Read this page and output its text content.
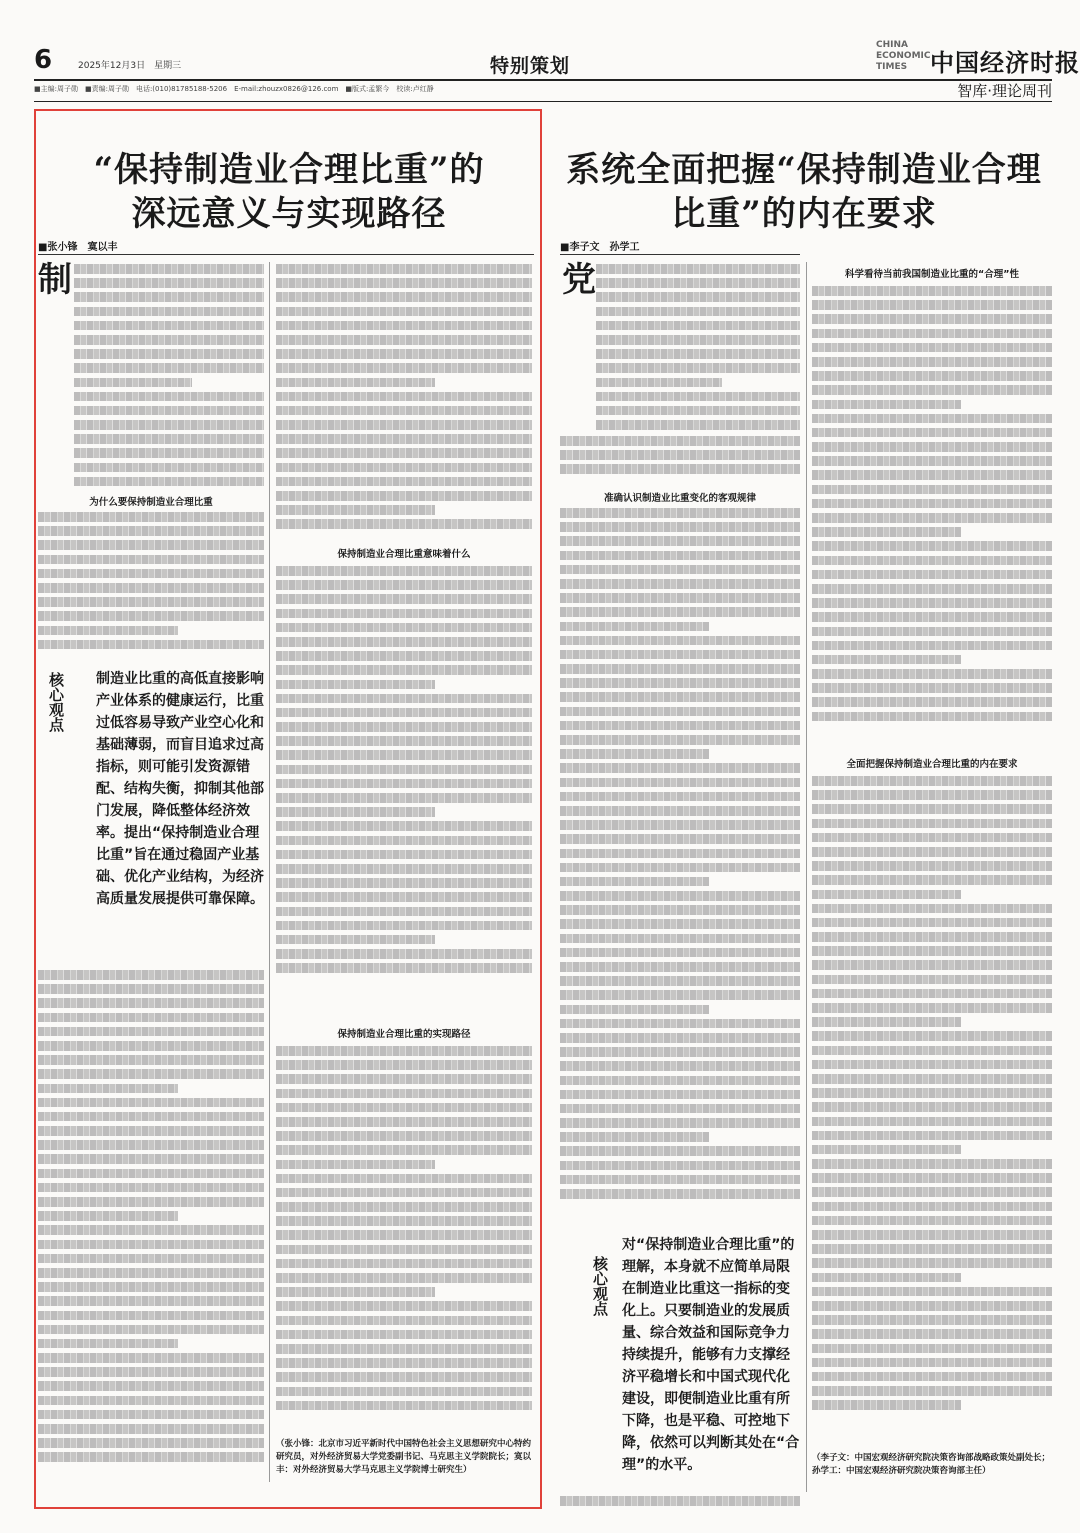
6	2025年12月3日　星期三	特别策划
CHINA ECONOMIC TIMES 中国经济时报
■主编:周子勋　■责编:周子勋　电话:(010)81785188-5206　E-mail:zhouzx0826@126.com　■版式:孟繁今　校读:卢红静	智库·理论周刊
“保持制造业合理比重”的
深远意义与实现路径
■张小锋　寞以丰
制
为什么要保持制造业合理比重
核心观点 制造业比重的高低直接影响产业体系的健康运行，比重过低容易导致产业空心化和基础薄弱，而盲目追求过高指标，则可能引发资源错配、结构失衡，抑制其他部门发展，降低整体经济效率。提出“保持制造业合理比重”旨在通过稳固产业基础、优化产业结构，为经济高质量发展提供可靠保障。
保持制造业合理比重意味着什么
保持制造业合理比重的实现路径
（张小锋：北京市习近平新时代中国特色社会主义思想研究中心特约研究员，对外经济贸易大学党委副书记、马克思主义学院院长；寞以丰：对外经济贸易大学马克思主义学院博士研究生）
系统全面把握“保持制造业合理
比重”的内在要求
■李子文　孙学工
党
准确认识制造业比重变化的客观规律
核心观点
对“保持制造业合理比重”的理解，本身就不应简单局限在制造业比重这一指标的变化上。只要制造业的发展质量、综合效益和国际竞争力持续提升，能够有力支撑经济平稳增长和中国式现代化建设，即便制造业比重有所下降，也是平稳、可控地下降，依然可以判断其处在“合理”的水平。
科学看待当前我国制造业比重的“合理”性
全面把握保持制造业合理比重的内在要求
（李子文：中国宏观经济研究院决策咨询部战略政策处副处长；孙学工：中国宏观经济研究院决策咨询部主任）
